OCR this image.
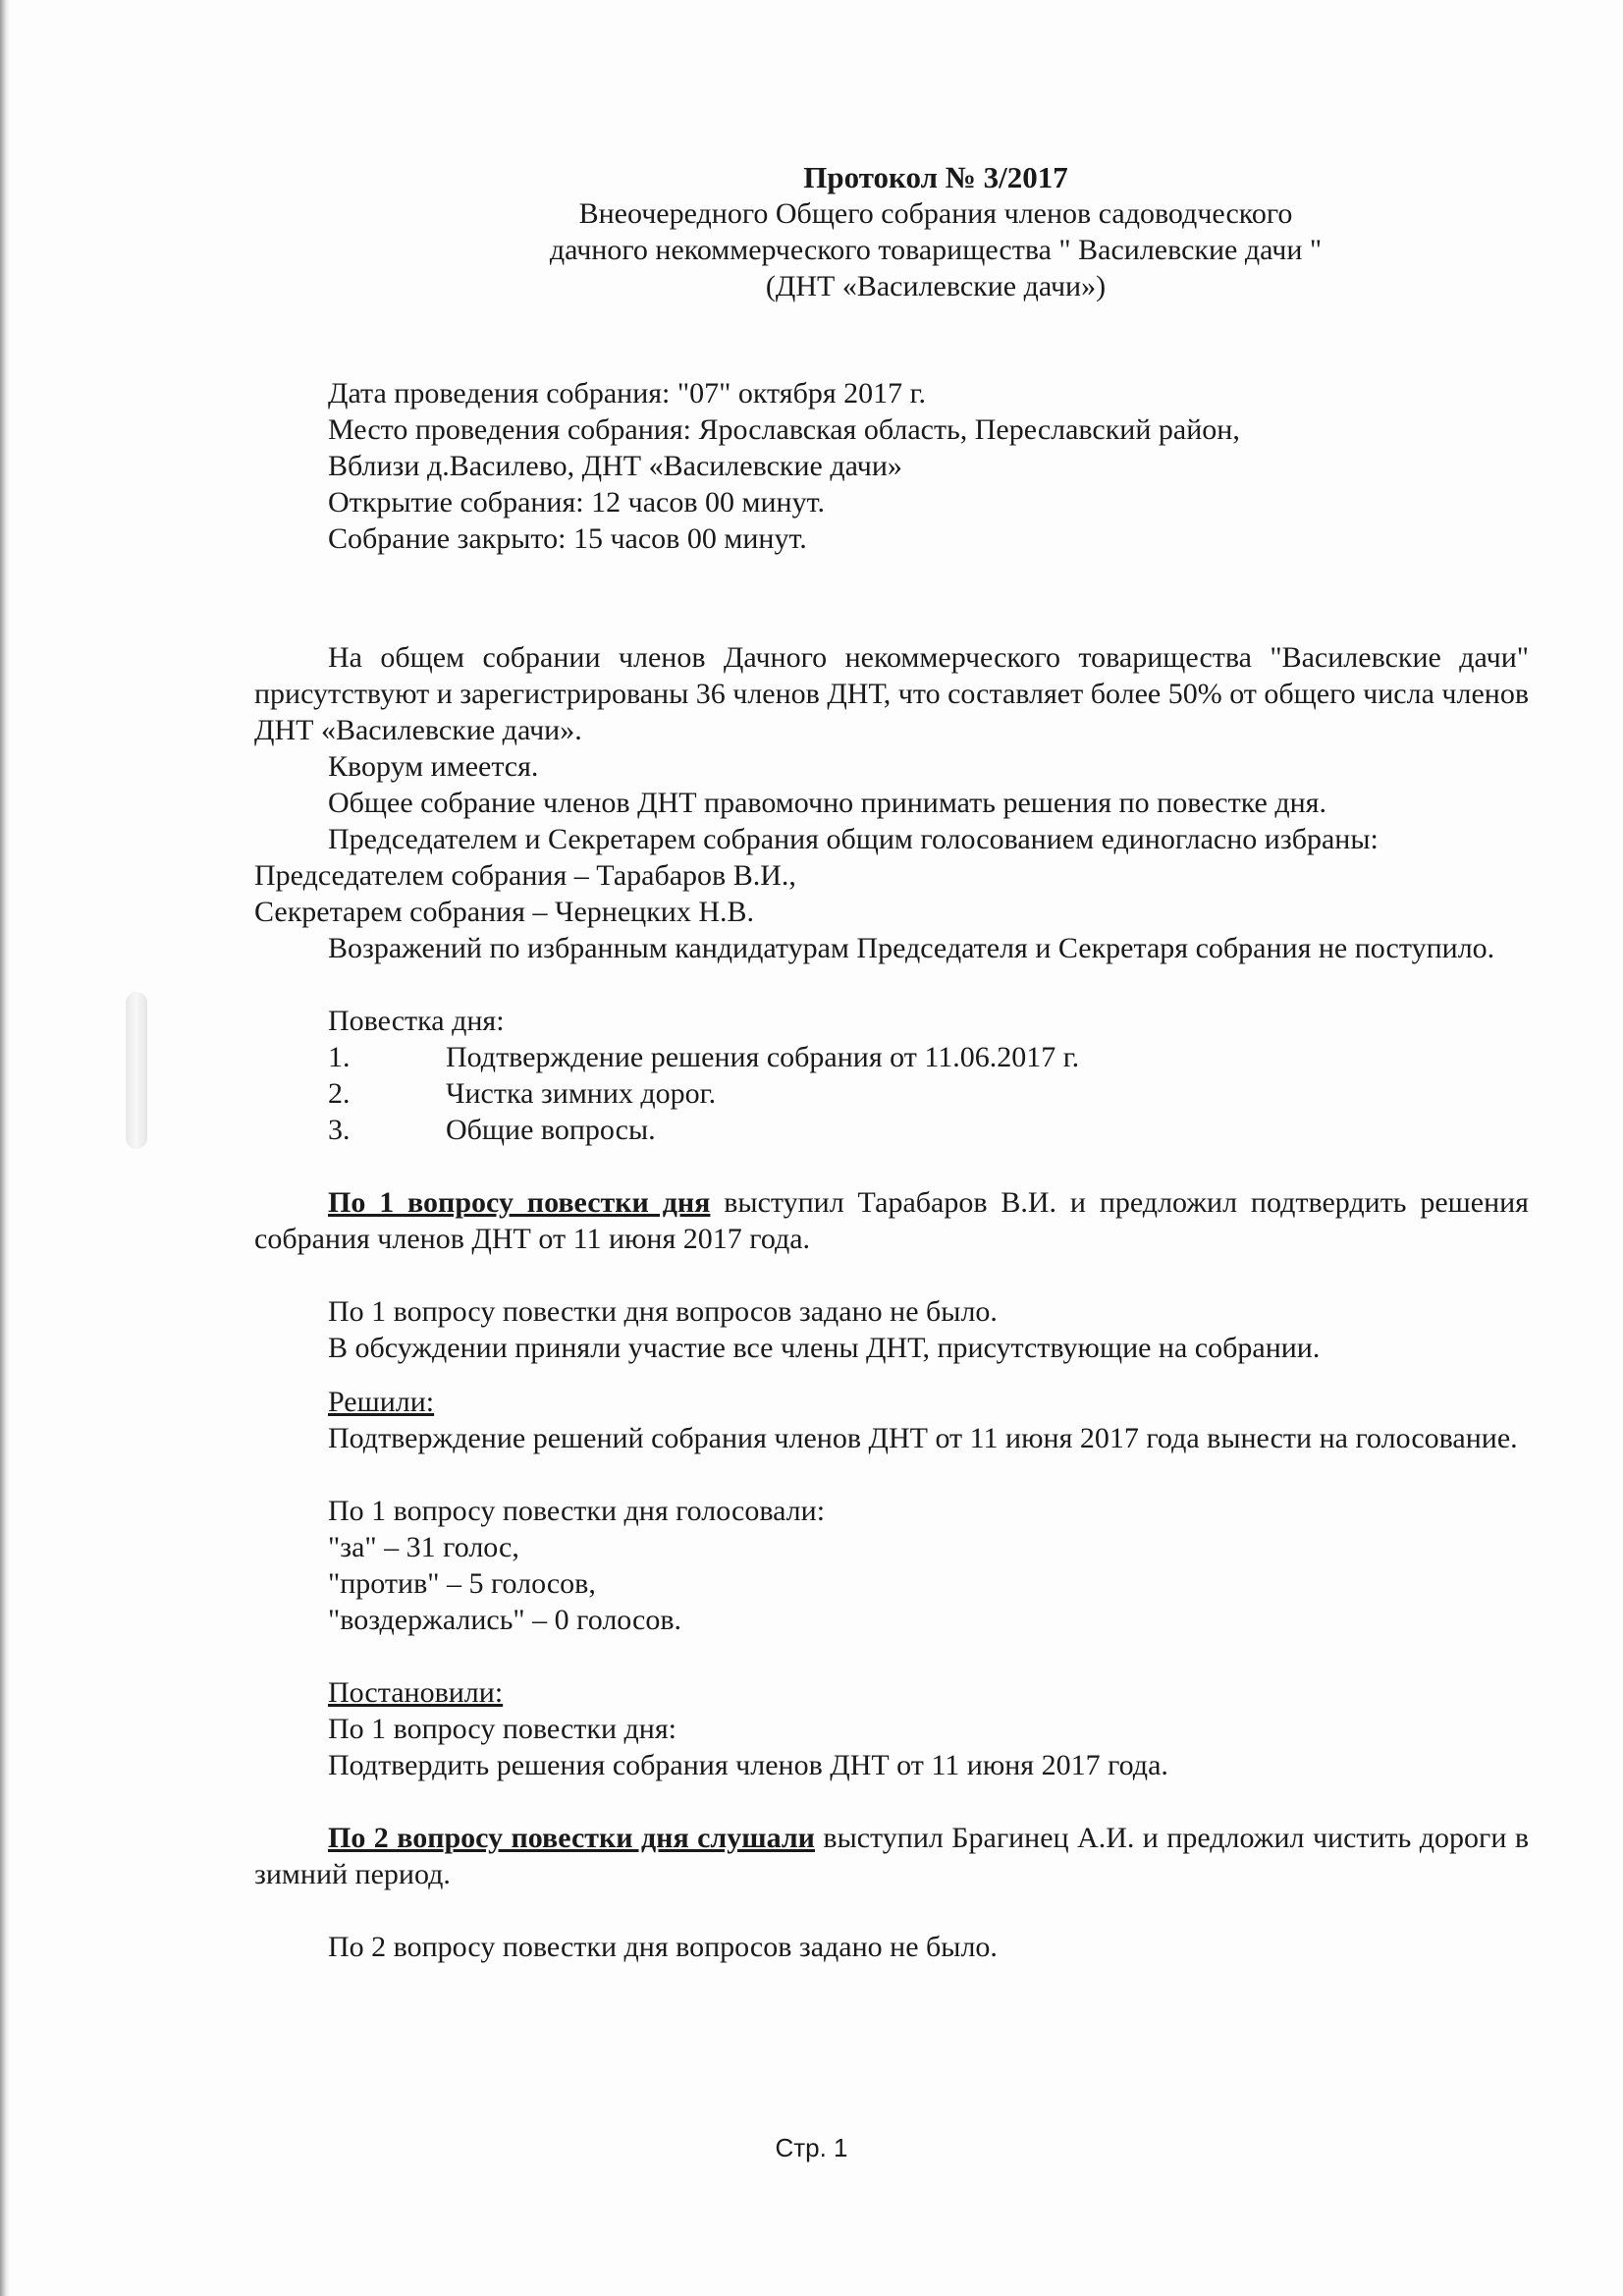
Протокол № 3/2017

Внеочередного Общего собрания членов садоводческого

дачного некоммерческого товарищества " Василевские дачи "

(ДНТ «Василевские дачи»)

Дата проведения собрания: "07" октября 2017 г.

Место проведения собрания: Ярославская область, Переславский район,

Вблизи д.Василево, ДНТ «Василевские дачи»

Открытие собрания: 12 часов 00 минут.

Собрание закрыто: 15 часов 00 минут.

На общем собрании членов Дачного некоммерческого товарищества "Василевские дачи" присутствуют и зарегистрированы 36 членов ДНТ, что составляет более 50% от общего числа членов ДНТ «Василевские дачи».

Кворум имеется.

Общее собрание членов ДНТ правомочно принимать решения по повестке дня.

Председателем и Секретарем собрания общим голосованием единогласно избраны:

Председателем собрания – Тарабаров В.И.,

Секретарем собрания – Чернецких Н.В.

Возражений по избранным кандидатурам Председателя и Секретаря собрания не поступило.

Повестка дня:

1.	Подтверждение решения собрания от 11.06.2017 г.
2.	Чистка зимних дорог.
3.	Общие вопросы.

По 1 вопросу повестки дня выступил Тарабаров В.И. и предложил подтвердить решения собрания членов ДНТ от 11 июня 2017 года.

По 1 вопросу повестки дня вопросов задано не было.

В обсуждении приняли участие все члены ДНТ, присутствующие на собрании.

Решили:

Подтверждение решений собрания членов ДНТ от 11 июня 2017 года вынести на голосование.

По 1 вопросу повестки дня голосовали:

"за" – 31 голос,

"против" – 5 голосов,

"воздержались" – 0 голосов.

Постановили:

По 1 вопросу повестки дня:

Подтвердить решения собрания членов ДНТ от 11 июня 2017 года.

По 2 вопросу повестки дня слушали выступил Брагинец А.И. и предложил чистить дороги в зимний период.

По 2 вопросу повестки дня вопросов задано не было.

Стр. 1
